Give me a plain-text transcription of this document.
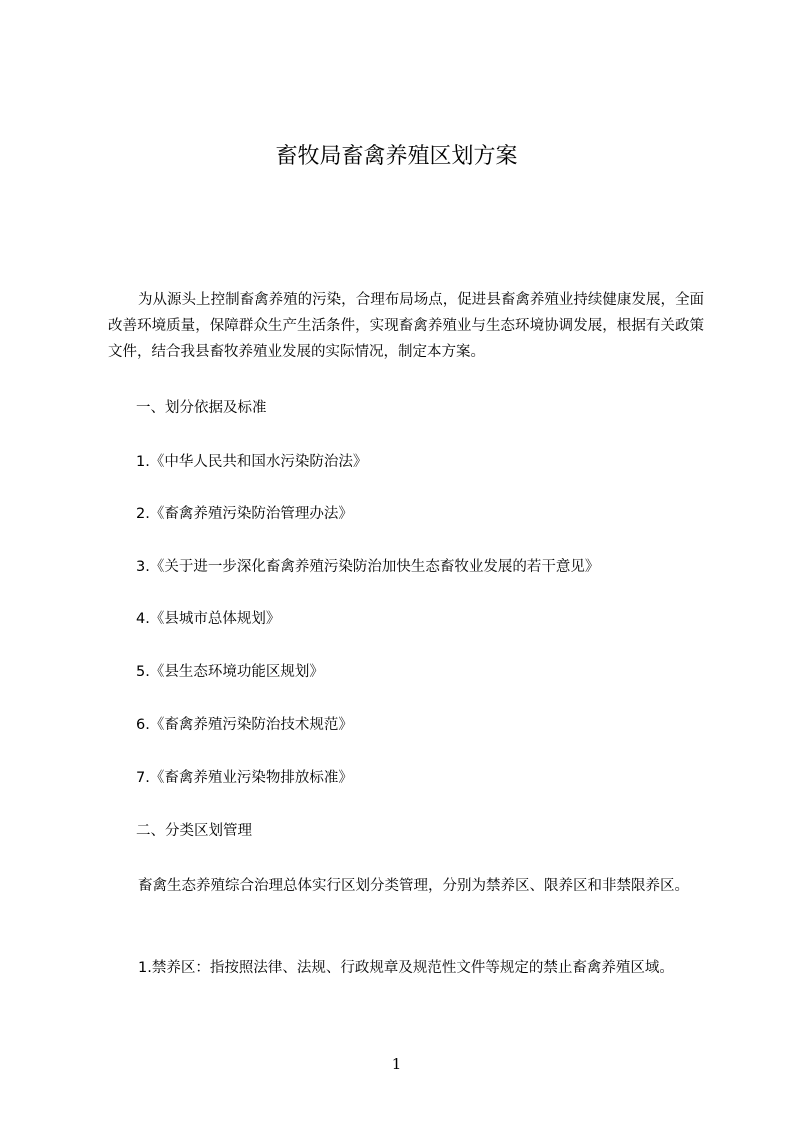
畜牧局畜禽养殖区划方案
为从源头上控制畜禽养殖的污染，合理布局场点，促进县畜禽养殖业持续健康发展，全面改善环境质量，保障群众生产生活条件，实现畜禽养殖业与生态环境协调发展，根据有关政策文件，结合我县畜牧养殖业发展的实际情况，制定本方案。
一、划分依据及标准
1.《中华人民共和国水污染防治法》
2.《畜禽养殖污染防治管理办法》
3.《关于进一步深化畜禽养殖污染防治加快生态畜牧业发展的若干意见》
4.《县城市总体规划》
5.《县生态环境功能区规划》
6.《畜禽养殖污染防治技术规范》
7.《畜禽养殖业污染物排放标准》
二、分类区划管理
畜禽生态养殖综合治理总体实行区划分类管理，分别为禁养区、限养区和非禁限养区。
1.禁养区：指按照法律、法规、行政规章及规范性文件等规定的禁止畜禽养殖区域。
1
